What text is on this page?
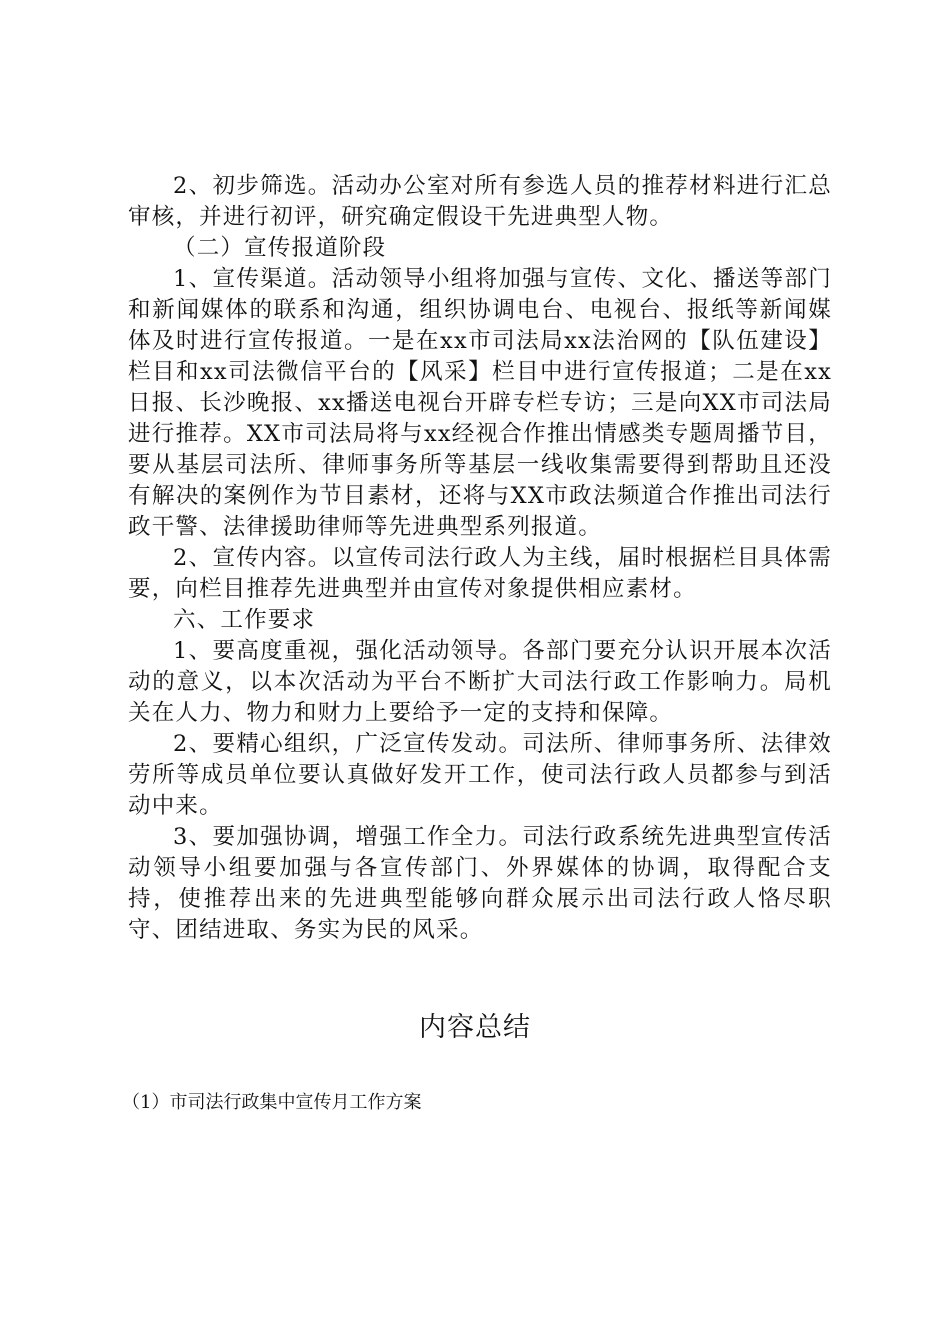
2、初步筛选。活动办公室对所有参选人员的推荐材料进行汇总审核，并进行初评，研究确定假设干先进典型人物。

（二）宣传报道阶段

1、宣传渠道。活动领导小组将加强与宣传、文化、播送等部门和新闻媒体的联系和沟通，组织协调电台、电视台、报纸等新闻媒体及时进行宣传报道。一是在xx市司法局xx法治网的【队伍建设】栏目和xx司法微信平台的【风采】栏目中进行宣传报道；二是在xx日报、长沙晚报、xx播送电视台开辟专栏专访；三是向XX市司法局进行推荐。XX市司法局将与xx经视合作推出情感类专题周播节目，要从基层司法所、律师事务所等基层一线收集需要得到帮助且还没有解决的案例作为节目素材，还将与XX市政法频道合作推出司法行政干警、法律援助律师等先进典型系列报道。

2、宣传内容。以宣传司法行政人为主线，届时根据栏目具体需要，向栏目推荐先进典型并由宣传对象提供相应素材。

六、工作要求

1、要高度重视，强化活动领导。各部门要充分认识开展本次活动的意义，以本次活动为平台不断扩大司法行政工作影响力。局机关在人力、物力和财力上要给予一定的支持和保障。

2、要精心组织，广泛宣传发动。司法所、律师事务所、法律效劳所等成员单位要认真做好发开工作，使司法行政人员都参与到活动中来。

3、要加强协调，增强工作全力。司法行政系统先进典型宣传活动领导小组要加强与各宣传部门、外界媒体的协调，取得配合支持，使推荐出来的先进典型能够向群众展示出司法行政人恪尽职守、团结进取、务实为民的风采。

内容总结
（1）市司法行政集中宣传月工作方案
